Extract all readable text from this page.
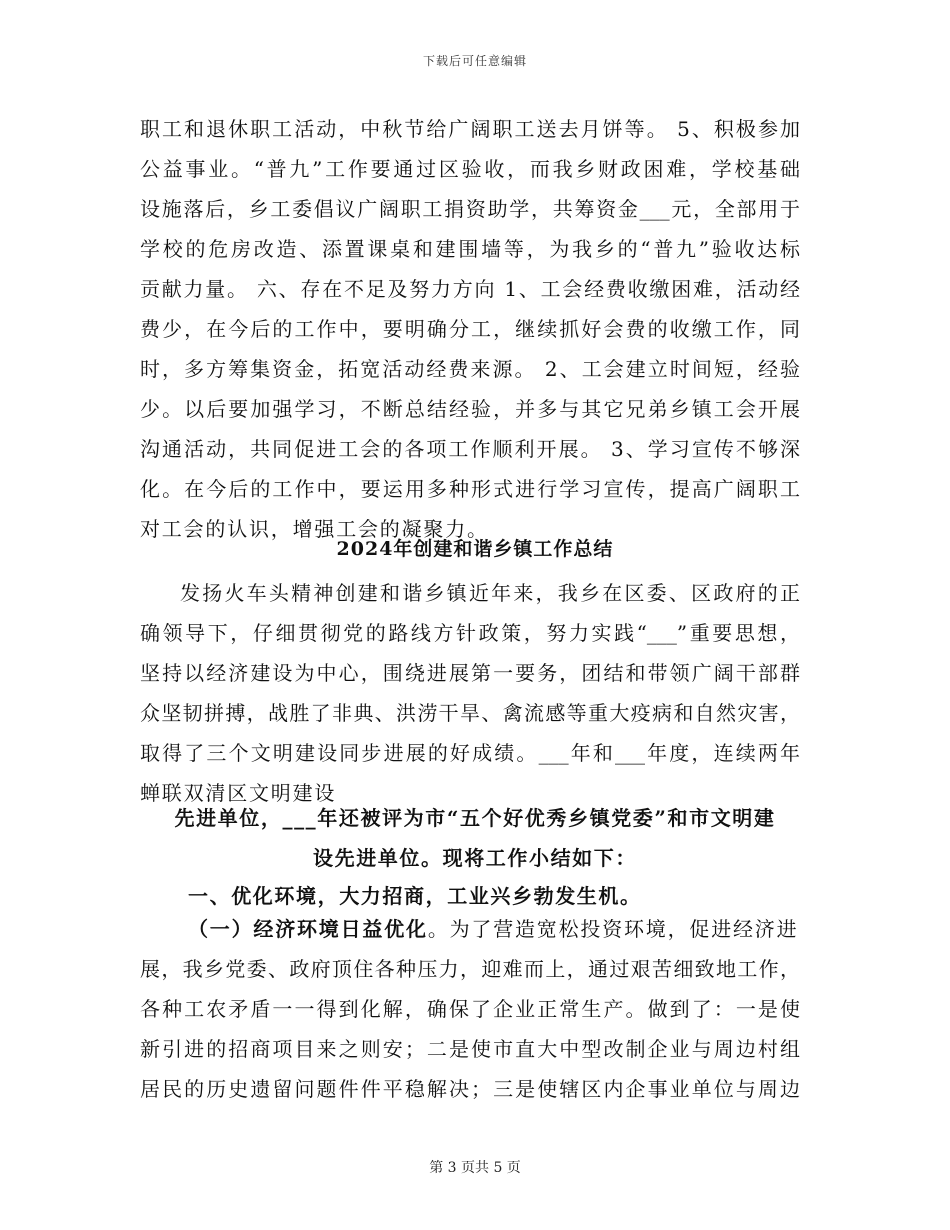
下载后可任意编辑
职工和退休职工活动，中秋节给广阔职工送去月饼等。 5、积极参加
公益事业。“普九”工作要通过区验收，而我乡财政困难，学校基础
设施落后，乡工委倡议广阔职工捐资助学，共筹资金___元，全部用于
学校的危房改造、添置课桌和建围墙等，为我乡的“普九”验收达标
贡献力量。 六、存在不足及努力方向 1、工会经费收缴困难，活动经
费少，在今后的工作中，要明确分工，继续抓好会费的收缴工作，同
时，多方筹集资金，拓宽活动经费来源。 2、工会建立时间短，经验
少。以后要加强学习，不断总结经验，并多与其它兄弟乡镇工会开展
沟通活动，共同促进工会的各项工作顺利开展。 3、学习宣传不够深
化。在今后的工作中，要运用多种形式进行学习宣传，提高广阔职工
对工会的认识，增强工会的凝聚力。
2024年创建和谐乡镇工作总结
发扬火车头精神创建和谐乡镇近年来，我乡在区委、区政府的正
确领导下，仔细贯彻党的路线方针政策，努力实践“___”重要思想，
坚持以经济建设为中心，围绕进展第一要务，团结和带领广阔干部群
众坚韧拼搏，战胜了非典、洪涝干旱、禽流感等重大疫病和自然灾害，
取得了三个文明建设同步进展的好成绩。___年和___年度，连续两年
蝉联双清区文明建设
先进单位，___年还被评为市“五个好优秀乡镇党委”和市文明建
设先进单位。现将工作小结如下：
一、优化环境，大力招商，工业兴乡勃发生机。
（一）经济环境日益优化。为了营造宽松投资环境，促进经济进
展，我乡党委、政府顶住各种压力，迎难而上，通过艰苦细致地工作，
各种工农矛盾一一得到化解，确保了企业正常生产。做到了：一是使
新引进的招商项目来之则安；二是使市直大中型改制企业与周边村组
居民的历史遗留问题件件平稳解决；三是使辖区内企事业单位与周边
第 3 页共 5 页
